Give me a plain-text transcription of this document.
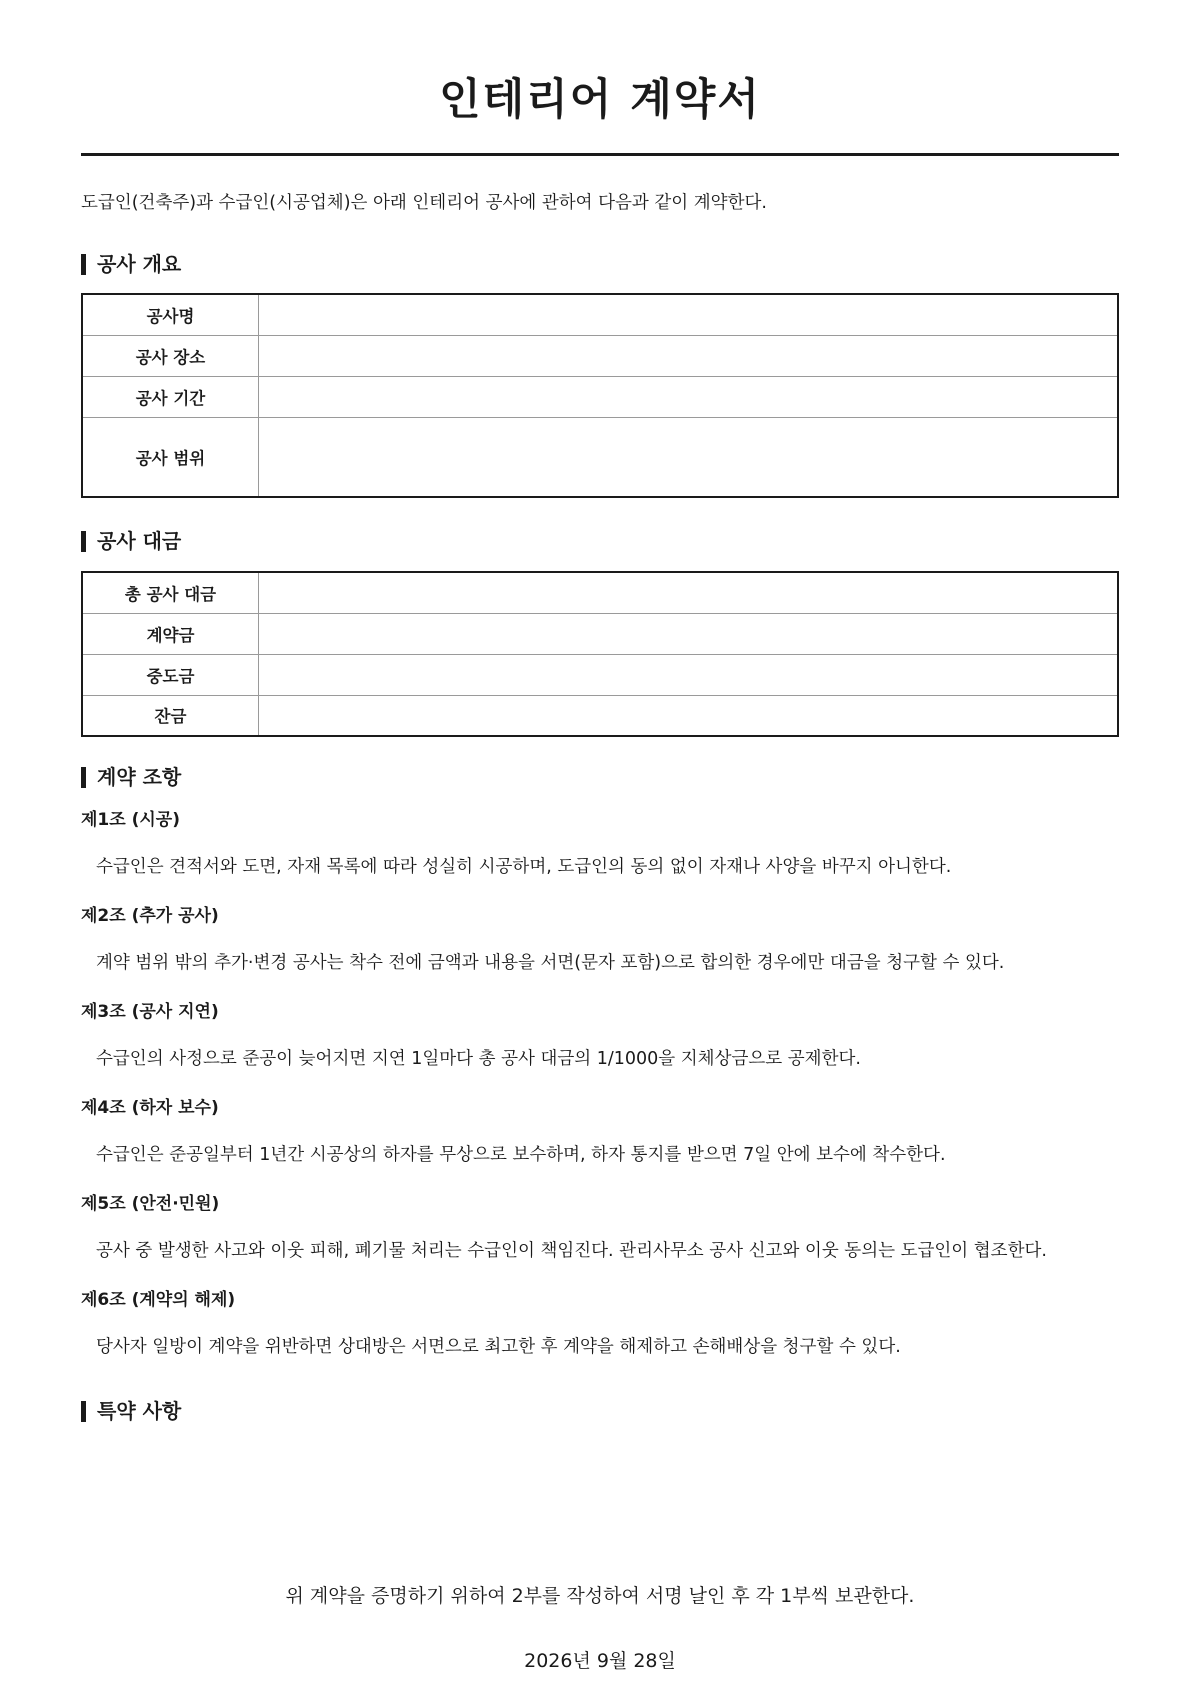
인테리어 계약서
도급인(건축주)과 수급인(시공업체)은 아래 인테리어 공사에 관하여 다음과 같이 계약한다.
공사 개요
공사명	
공사 장소	
공사 기간	
공사 범위	
공사 대금
총 공사 대금	
계약금	
중도금	
잔금	
계약 조항
제1조 (시공)
수급인은 견적서와 도면, 자재 목록에 따라 성실히 시공하며, 도급인의 동의 없이 자재나 사양을 바꾸지 아니한다.
제2조 (추가 공사)
계약 범위 밖의 추가·변경 공사는 착수 전에 금액과 내용을 서면(문자 포함)으로 합의한 경우에만 대금을 청구할 수 있다.
제3조 (공사 지연)
수급인의 사정으로 준공이 늦어지면 지연 1일마다 총 공사 대금의 1/1000을 지체상금으로 공제한다.
제4조 (하자 보수)
수급인은 준공일부터 1년간 시공상의 하자를 무상으로 보수하며, 하자 통지를 받으면 7일 안에 보수에 착수한다.
제5조 (안전·민원)
공사 중 발생한 사고와 이웃 피해, 폐기물 처리는 수급인이 책임진다. 관리사무소 공사 신고와 이웃 동의는 도급인이 협조한다.
제6조 (계약의 해제)
당사자 일방이 계약을 위반하면 상대방은 서면으로 최고한 후 계약을 해제하고 손해배상을 청구할 수 있다.
특약 사항
위 계약을 증명하기 위하여 2부를 작성하여 서명 날인 후 각 1부씩 보관한다.
2026년 9월 28일
